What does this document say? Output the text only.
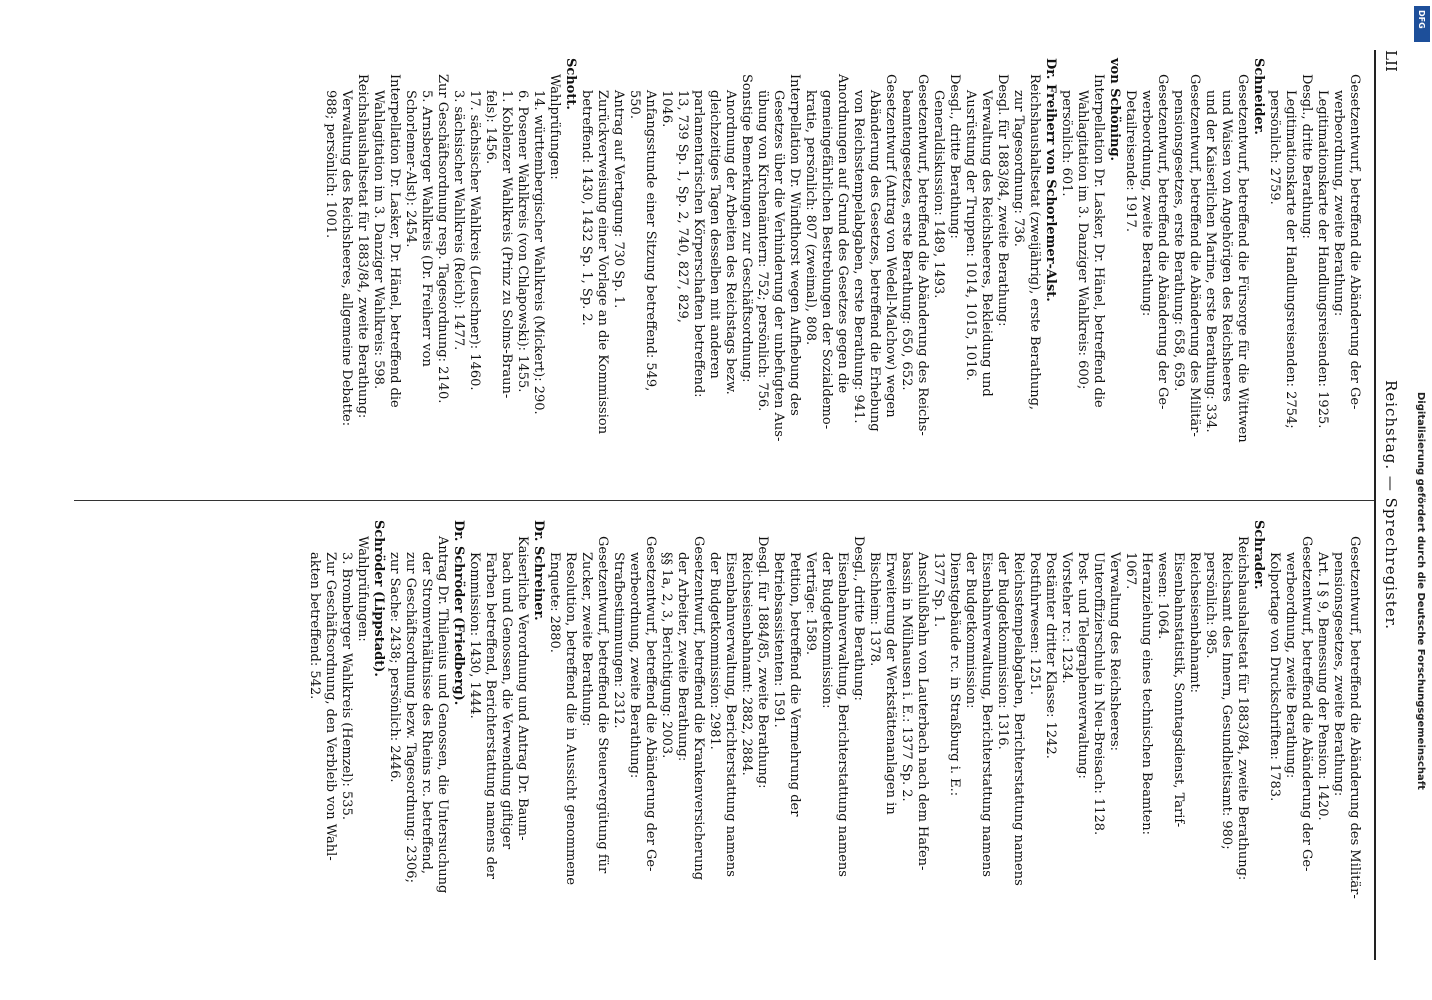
LII
Reichstag. — Sprechregister.
Gesetzentwurf, betreffend die Abänderung der Ge-
werbeordnung, zweite Berathung:
Legitimationskarte der Handlungsreisenden: 1925.
Desgl., dritte Berathung:
Legitimationskarte der Handlungsreisenden: 2754;
persönlich: 2759.
Schneider.
Gesetzentwurf, betreffend die Fürsorge für die Wittwen
und Waisen von Angehörigen des Reichsheeres
und der Kaiserlichen Marine, erste Berathung: 334.
Gesetzentwurf, betreffend die Abänderung des Militär-
pensionsgesetzes, erste Berathung: 658, 659.
Gesetzentwurf, betreffend die Abänderung der Ge-
werbeordnung, zweite Berathung:
Detailreisende: 1917.
von Schöning.
Interpellation Dr. Lasker, Dr. Hänel, betreffend die
Wahlagitation im 3. Danziger Wahlkreis: 600;
persönlich: 601.
Dr. Freiherr von Schorlemer-Alst.
Reichshaushaltsetat (zweijährig), erste Berathung,
zur Tagesordnung: 736.
Desgl. für 1883/84, zweite Berathung:
Verwaltung des Reichsheeres, Bekleidung und
Ausrüstung der Truppen: 1014, 1015, 1016.
Desgl., dritte Berathung:
Generaldiskussion: 1489, 1493.
Gesetzentwurf, betreffend die Abänderung des Reichs-
beamtengesetzes, erste Berathung: 650, 652.
Gesetzentwurf (Antrag von Wedell-Malchow) wegen
Abänderung des Gesetzes, betreffend die Erhebung
von Reichsstempelabgaben, erste Berathung: 941.
Anordnungen auf Grund des Gesetzes gegen die
gemeingefährlichen Bestrebungen der Sozialdemo-
kratie, persönlich: 807 (zweimal), 808.
Interpellation Dr. Windthorst wegen Aufhebung des
Gesetzes über die Verhinderung der unbefugten Aus-
übung von Kirchenämtern: 752; persönlich: 756.
Sonstige Bemerkungen zur Geschäftsordnung:
Anordnung der Arbeiten des Reichstags bezw.
gleichzeitiges Tagen desselben mit anderen
parlamentarischen Körperschaften betreffend:
13, 739 Sp. 1, Sp. 2, 740, 827, 829,
1046.
Anfangsstunde einer Sitzung betreffend: 549,
550.
Antrag auf Vertagung: 730 Sp. 1.
Zurückverweisung einer Vorlage an die Kommission
betreffend: 1430, 1432 Sp. 1, Sp. 2.
Schott.
Wahlprüfungen:
14. württembergischer Wahlkreis (Mickert): 290.
6. Posener Wahlkreis (von Chlapowski): 1455.
1. Koblenzer Wahlkreis (Prinz zu Solms-Braun-
fels): 1456.
17. sächsischer Wahlkreis (Leuschner): 1460.
3. sächsischer Wahlkreis (Reich): 1477.
Zur Geschäftsordnung resp. Tagesordnung: 2140.
5. Arnsberger Wahlkreis (Dr. Freiherr von
Schorlemer-Alst): 2454.
Interpellation Dr. Lasker, Dr. Hänel, betreffend die
Wahlagitation im 3. Danziger Wahlkreis: 598.
Reichshaushaltsetat für 1883/84, zweite Berathung:
Verwaltung des Reichsheeres, allgemeine Debatte:
988; persönlich: 1001.
Gesetzentwurf, betreffend die Abänderung des Militär-
pensionsgesetzes, zweite Berathung:
Art. I § 9, Bemessung der Pension: 1420.
Gesetzentwurf, betreffend die Abänderung der Ge-
werbeordnung, zweite Berathung:
Kolportage von Druckschriften: 1783.
Schrader.
Reichshaushaltsetat für 1883/84, zweite Berathung:
Reichsamt des Innern, Gesundheitsamt: 980;
persönlich: 985.
Reichseisenbahnamt:
Eisenbahnstatistik, Sonntagsdienst, Tarif-
wesen: 1064.
Heranziehung eines technischen Beamten:
1067.
Verwaltung des Reichsheeres:
Unteroffizierschule in Neu-Breisach: 1128.
Post- und Telegraphenverwaltung:
Vorsteher rc.: 1234.
Postämter dritter Klasse: 1242.
Postfuhrwesen: 1251.
Reichsstempelabgaben, Berichterstattung namens
der Budgetkommission: 1316.
Eisenbahnverwaltung, Berichterstattung namens
der Budgetkommission:
Dienstgebäude rc. in Straßburg i. E.:
1377 Sp. 1.
Anschlußbahn von Lauterbach nach dem Hafen-
bassin in Mülhausen i. E.: 1377 Sp. 2.
Erweiterung der Werkstättenanlagen in
Bischheim: 1378.
Desgl., dritte Berathung:
Eisenbahnverwaltung, Berichterstattung namens
der Budgetkommission:
Verträge: 1589.
Petition, betreffend die Vermehrung der
Betriebsassistenten: 1591.
Desgl. für 1884/85, zweite Berathung:
Reichseisenbahnamt: 2882, 2884.
Eisenbahnverwaltung, Berichterstattung namens
der Budgetkommission: 2981.
Gesetzentwurf, betreffend die Krankenversicherung
der Arbeiter, zweite Berathung:
§§ 1a, 2, 3, Berichtigung: 2003.
Gesetzentwurf, betreffend die Abänderung der Ge-
werbeordnung, zweite Berathung:
Strafbestimmungen: 2312.
Gesetzentwurf, betreffend die Steuervergütung für
Zucker, zweite Berathung:
Resolution, betreffend die in Aussicht genommene
Enquete: 2880.
Dr. Schreiner.
Kaiserliche Verordnung und Antrag Dr. Baum-
bach und Genossen, die Verwendung giftiger
Farben betreffend, Berichterstattung namens der
Kommission: 1430, 1444.
Dr. Schröder (Friedberg).
Antrag Dr. Thilenius und Genossen, die Untersuchung
der Stromverhältnisse des Rheins rc. betreffend,
zur Geschäftsordnung bezw. Tagesordnung: 2306;
zur Sache: 2438; persönlich: 2446.
Schröder (Lippstadt).
Wahlprüfungen:
3. Bromberger Wahlkreis (Hemzel): 535.
Zur Geschäftsordnung, den Verbleib von Wahl-
akten betreffend: 542.
DFG
Digitalisierung gefördert durch die Deutsche Forschungsgemeinschaft
